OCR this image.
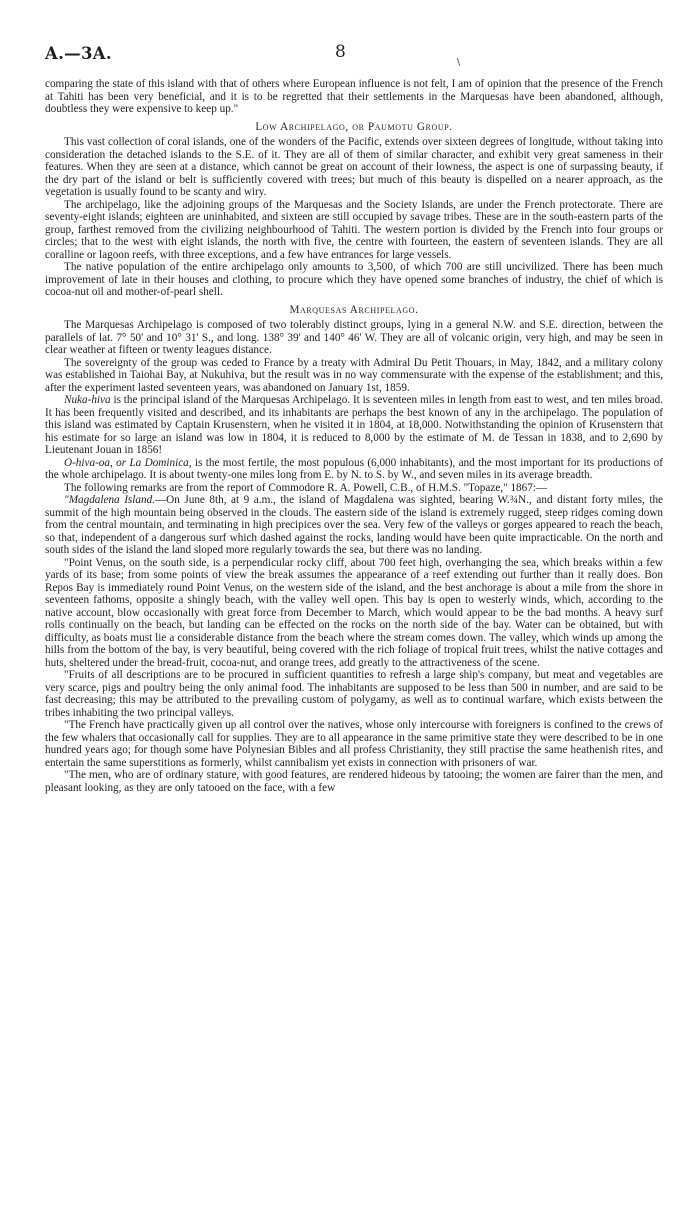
A.—3A.	8
\

comparing the state of this island with that of others where European influence is not felt, I am of opinion that the presence of the French at Tahiti has been very beneficial, and it is to be regretted that their settlements in the Marquesas have been abandoned, although, doubtless they were expensive to keep up."

Low Archipelago, or Paumotu Group.

This vast collection of coral islands, one of the wonders of the Pacific, extends over sixteen degrees of longitude, without taking into consideration the detached islands to the S.E. of it. They are all of them of similar character, and exhibit very great sameness in their features. When they are seen at a distance, which cannot be great on account of their lowness, the aspect is one of surpassing beauty, if the dry part of the island or belt is sufficiently covered with trees; but much of this beauty is dispelled on a nearer approach, as the vegetation is usually found to be scanty and wiry.

The archipelago, like the adjoining groups of the Marquesas and the Society Islands, are under the French protectorate. There are seventy-eight islands; eighteen are uninhabited, and sixteen are still occupied by savage tribes. These are in the south-eastern parts of the group, farthest removed from the civilizing neighbourhood of Tahiti. The western portion is divided by the French into four groups or circles; that to the west with eight islands, the north with five, the centre with fourteen, the eastern of seventeen islands. They are all coralline or lagoon reefs, with three exceptions, and a few have entrances for large vessels.

The native population of the entire archipelago only amounts to 3,500, of which 700 are still uncivilized. There has been much improvement of late in their houses and clothing, to procure which they have opened some branches of industry, the chief of which is cocoa-nut oil and mother-of-pearl shell.

Marquesas Archipelago.

The Marquesas Archipelago is composed of two tolerably distinct groups, lying in a general N.W. and S.E. direction, between the parallels of lat. 7° 50' and 10° 31' S., and long. 138° 39' and 140° 46' W. They are all of volcanic origin, very high, and may be seen in clear weather at fifteen or twenty leagues distance.

The sovereignty of the group was ceded to France by a treaty with Admiral Du Petit Thouars, in May, 1842, and a military colony was established in Taiohai Bay, at Nukuhiva, but the result was in no way commensurate with the expense of the establishment; and this, after the experiment lasted seventeen years, was abandoned on January 1st, 1859.

Nuka-hiva is the principal island of the Marquesas Archipelago. It is seventeen miles in length from east to west, and ten miles broad. It has been frequently visited and described, and its inhabitants are perhaps the best known of any in the archipelago. The population of this island was estimated by Captain Krusenstern, when he visited it in 1804, at 18,000. Notwithstanding the opinion of Krusenstern that his estimate for so large an island was low in 1804, it is reduced to 8,000 by the estimate of M. de Tessan in 1838, and to 2,690 by Lieutenant Jouan in 1856!

O-hiva-oa, or La Dominica, is the most fertile, the most populous (6,000 inhabitants), and the most important for its productions of the whole archipelago. It is about twenty-one miles long from E. by N. to S. by W., and seven miles in its average breadth.

The following remarks are from the report of Commodore R. A. Powell, C.B., of H.M.S. "Topaze," 1867:—

"Magdalena Island.—On June 8th, at 9 a.m., the island of Magdalena was sighted, bearing W.¾N., and distant forty miles, the summit of the high mountain being observed in the clouds. The eastern side of the island is extremely rugged, steep ridges coming down from the central mountain, and terminating in high precipices over the sea. Very few of the valleys or gorges appeared to reach the beach, so that, independent of a dangerous surf which dashed against the rocks, landing would have been quite impracticable. On the north and south sides of the island the land sloped more regularly towards the sea, but there was no landing.

"Point Venus, on the south side, is a perpendicular rocky cliff, about 700 feet high, overhanging the sea, which breaks within a few yards of its base; from some points of view the break assumes the appearance of a reef extending out further than it really does. Bon Repos Bay is immediately round Point Venus, on the western side of the island, and the best anchorage is about a mile from the shore in seventeen fathoms, opposite a shingly beach, with the valley well open. This bay is open to westerly winds, which, according to the native account, blow occasionally with great force from December to March, which would appear to be the bad months. A heavy surf rolls continually on the beach, but landing can be effected on the rocks on the north side of the bay. Water can be obtained, but with difficulty, as boats must lie a considerable distance from the beach where the stream comes down. The valley, which winds up among the hills from the bottom of the bay, is very beautiful, being covered with the rich foliage of tropical fruit trees, whilst the native cottages and huts, sheltered under the bread-fruit, cocoa-nut, and orange trees, add greatly to the attractiveness of the scene.

"Fruits of all descriptions are to be procured in sufficient quantities to refresh a large ship's company, but meat and vegetables are very scarce, pigs and poultry being the only animal food. The inhabitants are supposed to be less than 500 in number, and are said to be fast decreasing; this may be attributed to the prevailing custom of polygamy, as well as to continual warfare, which exists between the tribes inhabiting the two principal valleys.

"The French have practically given up all control over the natives, whose only intercourse with foreigners is confined to the crews of the few whalers that occasionally call for supplies. They are to all appearance in the same primitive state they were described to be in one hundred years ago; for though some have Polynesian Bibles and all profess Christianity, they still practise the same heathenish rites, and entertain the same superstitions as formerly, whilst cannibalism yet exists in connection with prisoners of war.

"The men, who are of ordinary stature, with good features, are rendered hideous by tatooing; the women are fairer than the men, and pleasant looking, as they are only tatooed on the face, with a few
